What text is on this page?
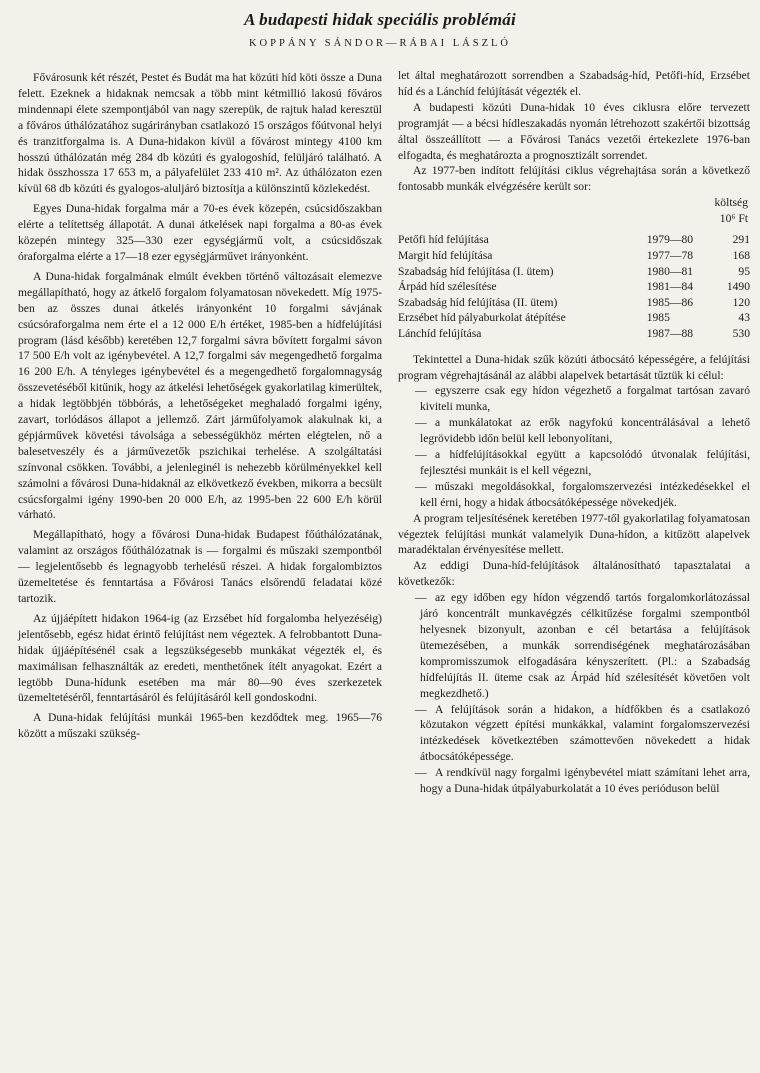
A budapesti hidak speciális problémái
KOPPÁNY SÁNDOR—RÁBAI LÁSZLÓ

Fővárosunk két részét, Pestet és Budát ma hat közúti híd köti össze a Duna felett. Ezeknek a hidaknak nemcsak a több mint kétmillió lakosú főváros mindennapi élete szempontjából van nagy szerepük, de rajtuk halad keresztül a főváros úthálózatához sugárirányban csatlakozó 15 országos főútvonal helyi és tranzitforgalma is. A Duna-hidakon kívül a fővárost mintegy 4100 km hosszú úthálózatán még 284 db közúti és gyalogoshíd, felüljáró található. A hidak összhossza 17 653 m, a pályafelület 233 410 m². Az úthálózaton ezen kívül 68 db közúti és gyalogos-aluljáró biztosítja a különszintű közlekedést.

Egyes Duna-hidak forgalma már a 70-es évek közepén, csúcsidőszakban elérte a telítettség állapotát. A dunai átkelések napi forgalma a 80-as évek közepén mintegy 325—330 ezer egységjármű volt, a csúcsidőszak óraforgalma elérte a 17—18 ezer egységjárművet irányonként.

A Duna-hidak forgalmának elmúlt években történő változásait elemezve megállapítható, hogy az átkelő forgalom folyamatosan növekedett. Míg 1975-ben az összes dunai átkelés irányonként 10 forgalmi sávjának csúcsóraforgalma nem érte el a 12 000 E/h értéket, 1985-ben a hídfelújítási program (lásd később) keretében 12,7 forgalmi sávra bővített forgalmi sávon 17 500 E/h volt az igénybevétel. A 12,7 forgalmi sáv megengedhető forgalma 16 200 E/h. A tényleges igénybevétel és a megengedhető forgalomnagyság összevetéséből kitűnik, hogy az átkelési lehetőségek gyakorlatilag kimerültek, a hidak legtöbbjén többórás, a lehetőségeket meghaladó forgalmi igény, zavart, torlódásos állapot a jellemző. Zárt járműfolyamok alakulnak ki, a gépjárművek követési távolsága a sebességükhöz mérten elégtelen, nő a balesetveszély és a járművezetők pszichikai terhelése. A szolgáltatási színvonal csökken. További, a jelenleginél is nehezebb körülményekkel kell számolni a fővárosi Duna-hidaknál az elkövetkező években, mikorra a becsült csúcsforgalmi igény 1990-ben 20 000 E/h, az 1995-ben 22 600 E/h körül várható.

Megállapítható, hogy a fővárosi Duna-hidak Budapest főúthálózatának, valamint az országos főúthálózatnak is — forgalmi és műszaki szempontból — legjelentősebb és legnagyobb terhelésű részei. A hidak forgalombiztos üzemeltetése és fenntartása a Fővárosi Tanács elsőrendű feladatai közé tartozik.

Az újjáépített hidakon 1964-ig (az Erzsébet híd forgalomba helyezéséig) jelentősebb, egész hidat érintő felújítást nem végeztek. A felrobbantott Duna-hidak újjáépítésénél csak a legszükségesebb munkákat végezték el, és maximálisan felhasználták az eredeti, menthetőnek ítélt anyagokat. Ezért a legtöbb Duna-hídunk esetében ma már 80—90 éves szerkezetek üzemeltetéséről, fenntartásáról és felújításáról kell gondoskodni.

A Duna-hidak felújítási munkái 1965-ben kezdődtek meg. 1965—76 között a műszaki szükség-

let által meghatározott sorrendben a Szabadság-híd, Petőfi-híd, Erzsébet híd és a Lánchíd felújítását végezték el.

A budapesti közúti Duna-hidak 10 éves ciklusra előre tervezett programját — a bécsi hídleszakadás nyomán létrehozott szakértői bizottság által összeállított — a Fővárosi Tanács vezetői értekezlete 1976-ban elfogadta, és meghatározta a prognosztizált sorrendet.

Az 1977-ben indított felújítási ciklus végrehajtása során a következő fontosabb munkák elvégzésére került sor:

költség
10⁶ Ft
Petőfi híd felújítása	1979—80	291
Margit híd felújítása	1977—78	168
Szabadság híd felújítása (I. ütem)	1980—81	95
Árpád híd szélesítése	1981—84	1490
Szabadság híd felújítása (II. ütem)	1985—86	120
Erzsébet híd pályaburkolat átépítése	1985	43
Lánchíd felújítása	1987—88	530

Tekintettel a Duna-hidak szűk közúti átbocsátó képességére, a felújítási program végrehajtásánál az alábbi alapelvek betartását tűztük ki célul:

— egyszerre csak egy hídon végezhető a forgalmat tartósan zavaró kiviteli munka,

— a munkálatokat az erők nagyfokú koncentrálásával a lehető legrövidebb időn belül kell lebonyolítani,

— a hídfelújításokkal együtt a kapcsolódó útvonalak felújítási, fejlesztési munkáit is el kell végezni,

— műszaki megoldásokkal, forgalomszervezési intézkedésekkel el kell érni, hogy a hidak átbocsátóképessége növekedjék.

A program teljesítésének keretében 1977-től gyakorlatilag folyamatosan végeztek felújítási munkát valamelyik Duna-hídon, a kitűzött alapelvek maradéktalan érvényesítése mellett.

Az eddigi Duna-híd-felújítások általánosítható tapasztalatai a következők:

— az egy időben egy hídon végzendő tartós forgalomkorlátozással járó koncentrált munkavégzés célkitűzése forgalmi szempontból helyesnek bizonyult, azonban e cél betartása a felújítások ütemezésében, a munkák sorrendiségének meghatározásában kompromisszumok elfogadására kényszerített. (Pl.: a Szabadság hídfelújítás II. üteme csak az Árpád híd szélesítését követően volt megkezdhető.)

— A felújítások során a hidakon, a hídfőkben és a csatlakozó közutakon végzett építési munkákkal, valamint forgalomszervezési intézkedések következtében számottevően növekedett a hidak átbocsátóképessége.

— A rendkívül nagy forgalmi igénybevétel miatt számítani lehet arra, hogy a Duna-hidak útpályaburkolatát a 10 éves perióduson belül
